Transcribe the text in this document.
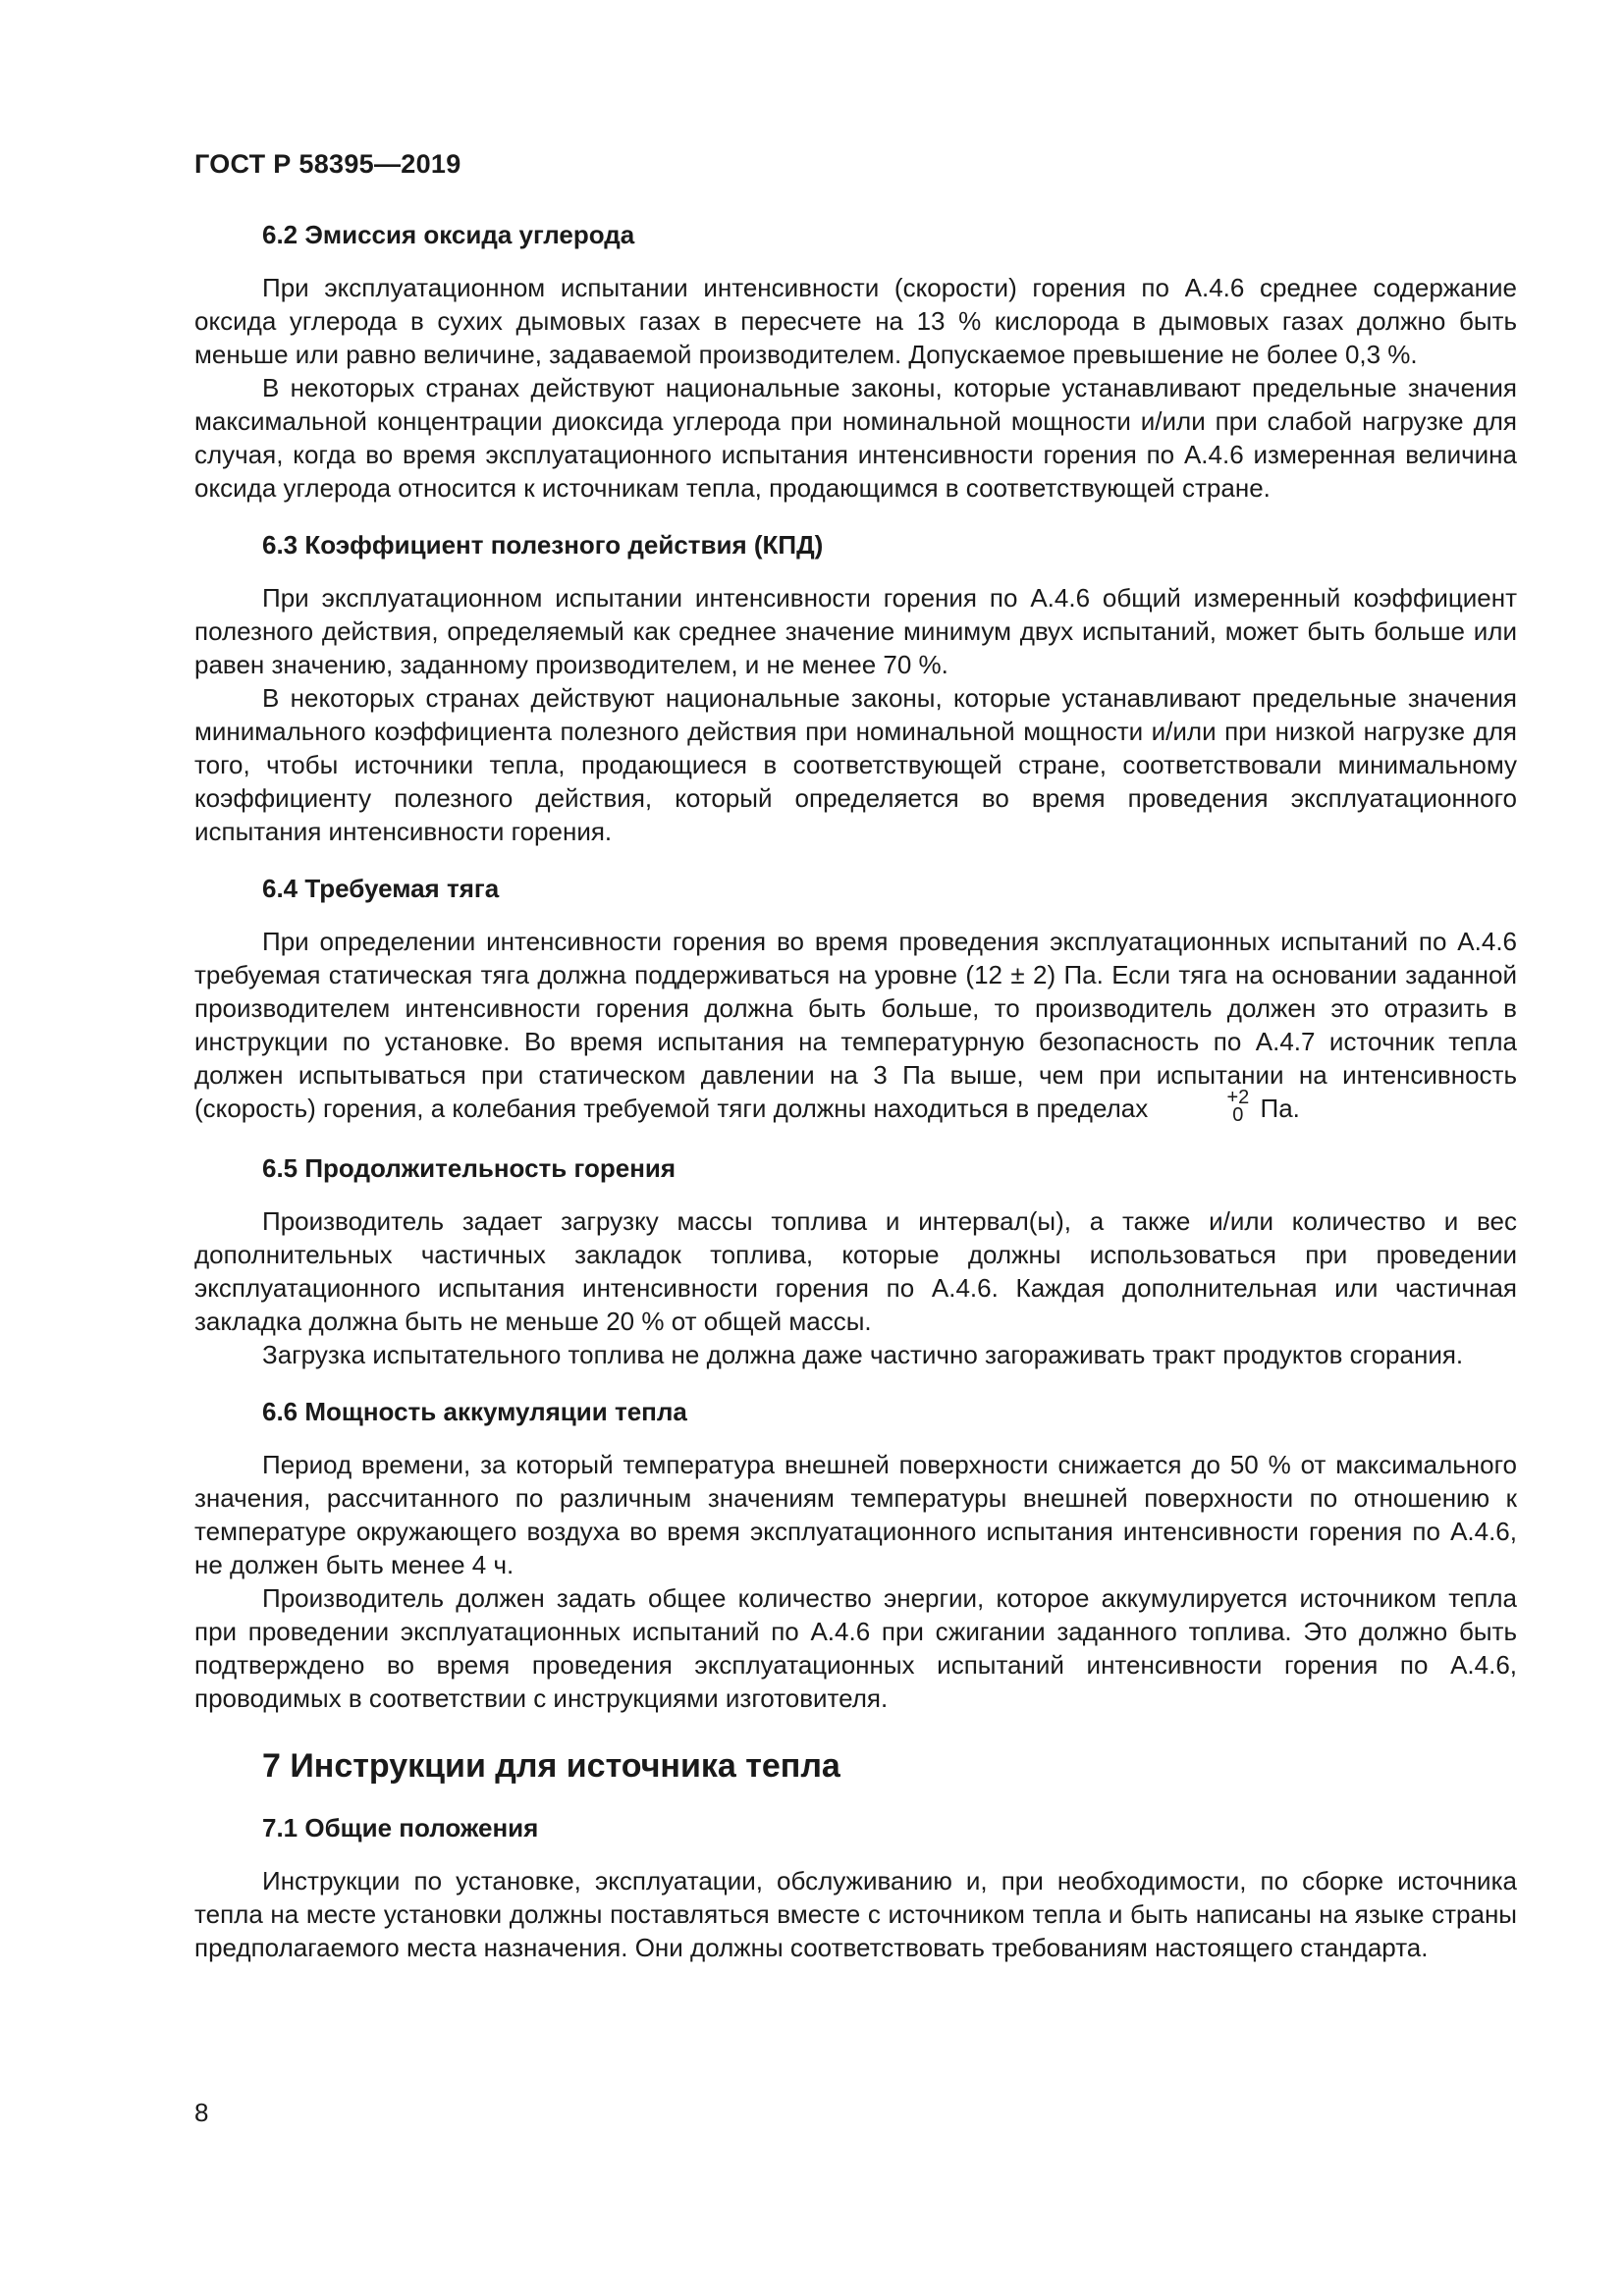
ГОСТ Р 58395—2019
6.2 Эмиссия оксида углерода

При эксплуатационном испытании интенсивности (скорости) горения по А.4.6 среднее содержание оксида углерода в сухих дымовых газах в пересчете на 13 % кислорода в дымовых газах должно быть меньше или равно величине, задаваемой производителем. Допускаемое превышение не более 0,3 %.

В некоторых странах действуют национальные законы, которые устанавливают предельные значения максимальной концентрации диоксида углерода при номинальной мощности и/или при слабой нагрузке для случая, когда во время эксплуатационного испытания интенсивности горения по А.4.6 измеренная величина оксида углерода относится к источникам тепла, продающимся в соответствующей стране.

6.3 Коэффициент полезного действия (КПД)

При эксплуатационном испытании интенсивности горения по А.4.6 общий измеренный коэффициент полезного действия, определяемый как среднее значение минимум двух испытаний, может быть больше или равен значению, заданному производителем, и не менее 70 %.

В некоторых странах действуют национальные законы, которые устанавливают предельные значения минимального коэффициента полезного действия при номинальной мощности и/или при низкой нагрузке для того, чтобы источники тепла, продающиеся в соответствующей стране, соответствовали минимальному коэффициенту полезного действия, который определяется во время проведения эксплуатационного испытания интенсивности горения.

6.4 Требуемая тяга

При определении интенсивности горения во время проведения эксплуатационных испытаний по А.4.6 требуемая статическая тяга должна поддерживаться на уровне (12 ± 2) Па. Если тяга на основании заданной производителем интенсивности горения должна быть больше, то производитель должен это отразить в инструкции по установке. Во время испытания на температурную безопасность по А.4.7 источник тепла должен испытываться при статическом давлении на 3 Па выше, чем при испытании на интенсивность (скорость) горения, а колебания требуемой тяги должны находиться в пределах	+2
0 Па.

6.5 Продолжительность горения

Производитель задает загрузку массы топлива и интервал(ы), а также и/или количество и вес дополнительных частичных закладок топлива, которые должны использоваться при проведении эксплуатационного испытания интенсивности горения по А.4.6. Каждая дополнительная или частичная закладка должна быть не меньше 20 % от общей массы.

Загрузка испытательного топлива не должна даже частично загораживать тракт продуктов сгорания.

6.6 Мощность аккумуляции тепла

Период времени, за который температура внешней поверхности снижается до 50 % от максимального значения, рассчитанного по различным значениям температуры внешней поверхности по отношению к температуре окружающего воздуха во время эксплуатационного испытания интенсивности горения по А.4.6, не должен быть менее 4 ч.

Производитель должен задать общее количество энергии, которое аккумулируется источником тепла при проведении эксплуатационных испытаний по А.4.6 при сжигании заданного топлива. Это должно быть подтверждено во время проведения эксплуатационных испытаний интенсивности горения по А.4.6, проводимых в соответствии с инструкциями изготовителя.

7 Инструкции для источника тепла
7.1 Общие положения

Инструкции по установке, эксплуатации, обслуживанию и, при необходимости, по сборке источника тепла на месте установки должны поставляться вместе с источником тепла и быть написаны на языке страны предполагаемого места назначения. Они должны соответствовать требованиям настоящего стандарта.

8
